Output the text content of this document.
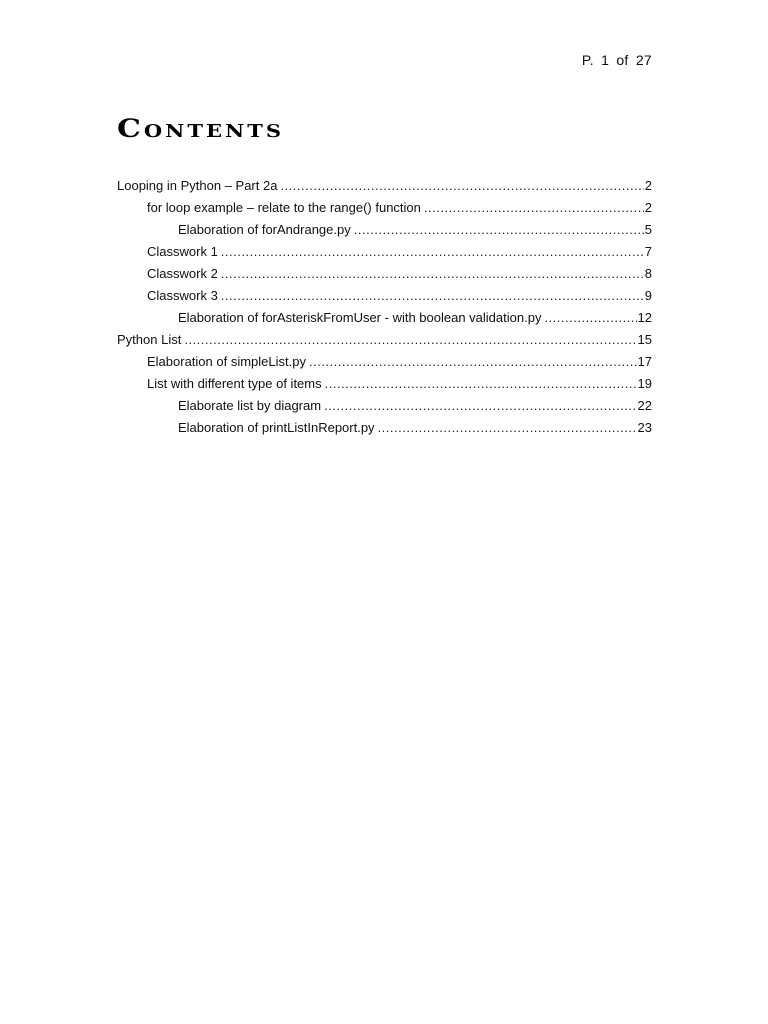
P. 1 of 27
Contents
Looping in Python – Part 2a .....	2
for loop example – relate to the range() function .....	2
Elaboration of forAndrange.py .....	5
Classwork 1 .....	7
Classwork 2 .....	8
Classwork 3 .....	9
Elaboration of forAsteriskFromUser - with boolean validation.py .....	12
Python List .....	15
Elaboration of simpleList.py .....	17
List with different type of items .....	19
Elaborate list by diagram .....	22
Elaboration of printListInReport.py .....	23
